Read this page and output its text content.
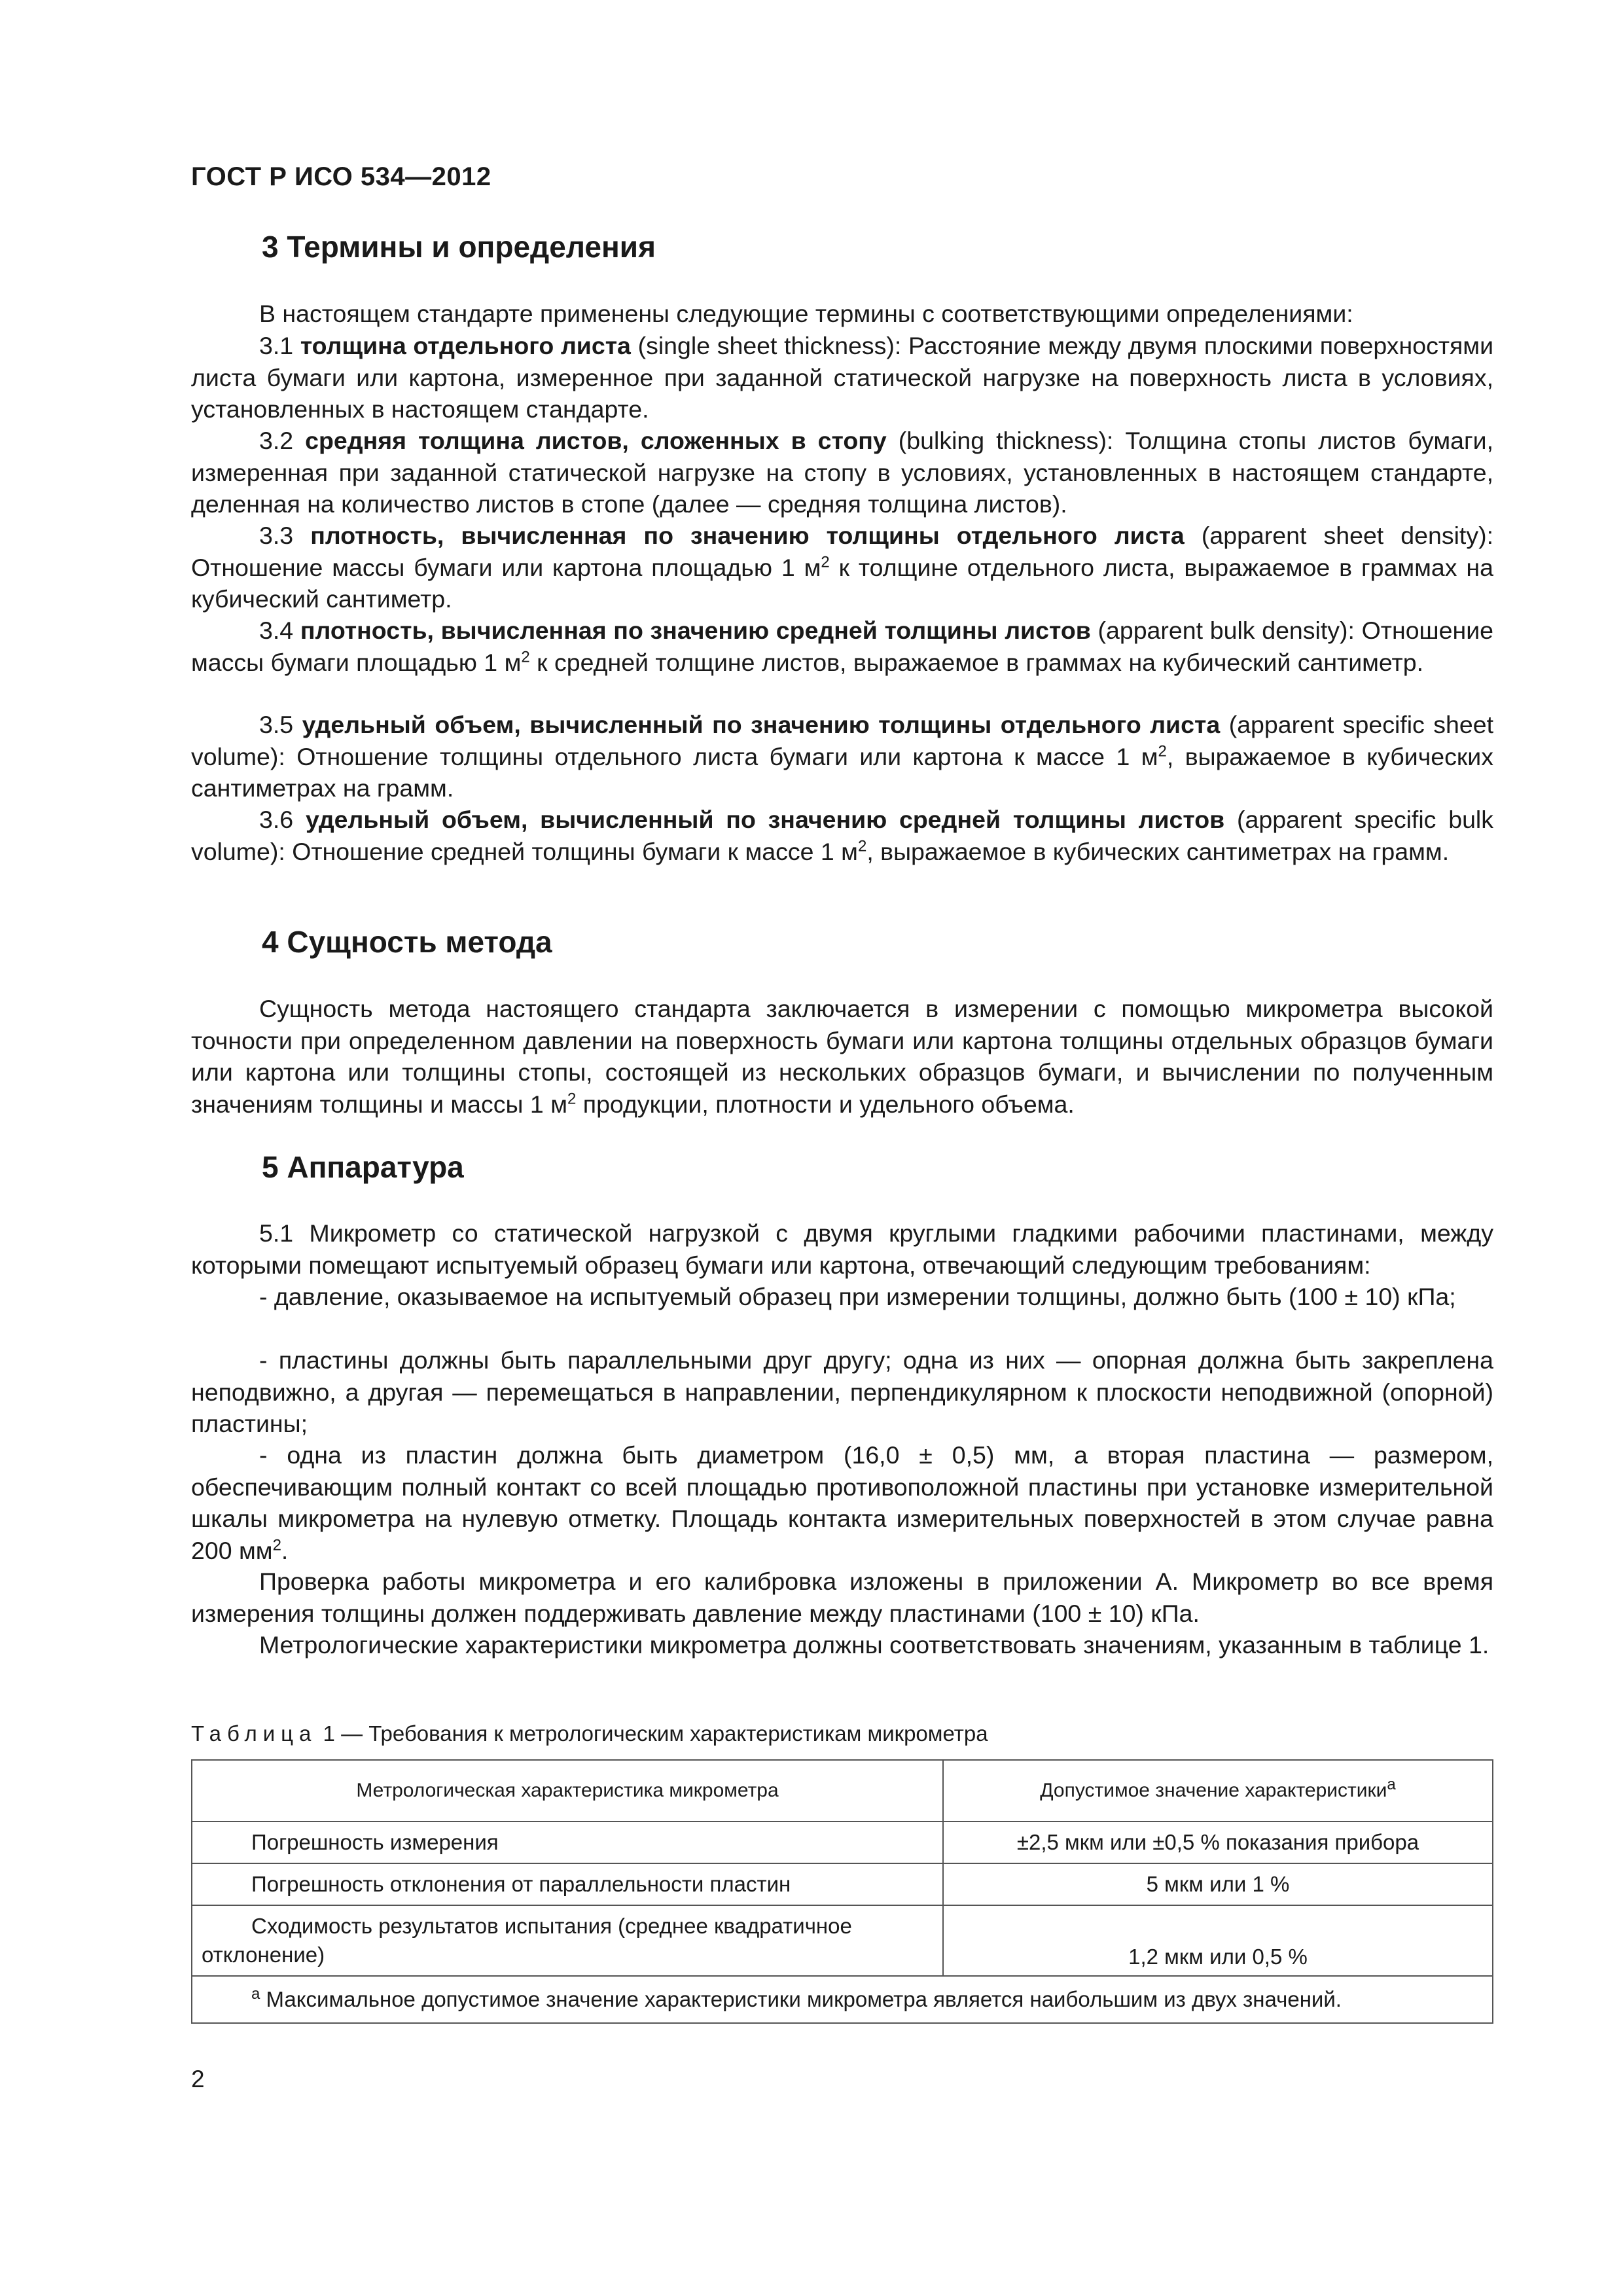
ГОСТ Р ИСО 534—2012
3 Термины и определения

В настоящем стандарте применены следующие термины с соответствующими определениями:

3.1 толщина отдельного листа (single sheet thickness): Расстояние между двумя плоскими поверхностями листа бумаги или картона, измеренное при заданной статической нагрузке на поверхность листа в условиях, установленных в настоящем стандарте.

3.2 средняя толщина листов, сложенных в стопу (bulking thickness): Толщина стопы листов бумаги, измеренная при заданной статической нагрузке на стопу в условиях, установленных в настоящем стандарте, деленная на количество листов в стопе (далее — средняя толщина листов).

3.3 плотность, вычисленная по значению толщины отдельного листа (apparent sheet density): Отношение массы бумаги или картона площадью 1 $м^2$ к толщине отдельного листа, выражаемое в граммах на кубический сантиметр.

3.4 плотность, вычисленная по значению средней толщины листов (apparent bulk density): Отношение массы бумаги площадью 1 $м^2$ к средней толщине листов, выражаемое в граммах на кубический сантиметр.

3.5 удельный объем, вычисленный по значению толщины отдельного листа (apparent specific sheet volume): Отношение толщины отдельного листа бумаги или картона к массе 1 $м^2$, выражаемое в кубических сантиметрах на грамм.

3.6 удельный объем, вычисленный по значению средней толщины листов (apparent specific bulk volume): Отношение средней толщины бумаги к массе 1 $м^2$, выражаемое в кубических сантиметрах на грамм.

4 Сущность метода

Сущность метода настоящего стандарта заключается в измерении с помощью микрометра высокой точности при определенном давлении на поверхность бумаги или картона толщины отдельных образцов бумаги или картона или толщины стопы, состоящей из нескольких образцов бумаги, и вычислении по полученным значениям толщины и массы 1 $м^2$ продукции, плотности и удельного объема.

5 Аппаратура

5.1 Микрометр со статической нагрузкой с двумя круглыми гладкими рабочими пластинами, между которыми помещают испытуемый образец бумаги или картона, отвечающий следующим требованиям:

- давление, оказываемое на испытуемый образец при измерении толщины, должно быть (100 ± 10) кПа;

- пластины должны быть параллельными друг другу; одна из них — опорная должна быть закреплена неподвижно, а другая — перемещаться в направлении, перпендикулярном к плоскости неподвижной (опорной) пластины;

- одна из пластин должна быть диаметром (16,0 ± 0,5) мм, а вторая пластина — размером, обеспечивающим полный контакт со всей площадью противоположной пластины при установке измерительной шкалы микрометра на нулевую отметку. Площадь контакта измерительных поверхностей в этом случае равна 200 $мм^2$.

Проверка работы микрометра и его калибровка изложены в приложении А. Микрометр во все время измерения толщины должен поддерживать давление между пластинами (100 ± 10) кПа.

Метрологические характеристики микрометра должны соответствовать значениям, указанным в таблице 1.

Таблица 1 — Требования к метрологическим характеристикам микрометра
Метрологическая характеристика микрометра	Допустимое значение характеристики$^a$
Погрешность измерения	±2,5 мкм или ±0,5 % показания прибора
Погрешность отклонения от параллельности пластин	5 мкм или 1 %
Сходимость результатов испытания (среднее квадратичное отклонение)	1,2 мкм или 0,5 %
$^a$ Максимальное допустимое значение характеристики микрометра является наибольшим из двух значений.	
2
